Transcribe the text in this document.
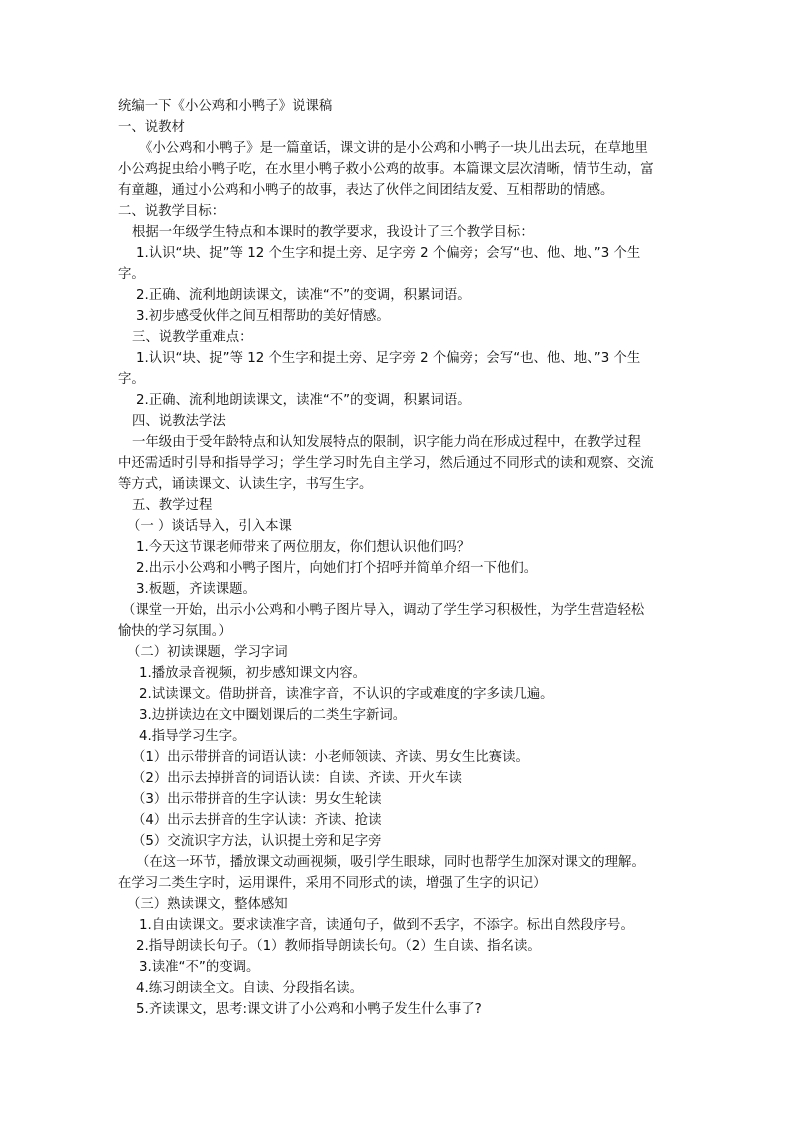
统编一下《小公鸡和小鸭子》说课稿
一、说教材
《小公鸡和小鸭子》是一篇童话，课文讲的是小公鸡和小鸭子一块儿出去玩，在草地里
小公鸡捉虫给小鸭子吃，在水里小鸭子救小公鸡的故事。本篇课文层次清晰，情节生动，富
有童趣，通过小公鸡和小鸭子的故事，表达了伙伴之间团结友爱、互相帮助的情感。
二、说教学目标：
根据一年级学生特点和本课时的教学要求，我设计了三个教学目标：
1.认识“块、捉”等 12 个生字和提土旁、足字旁 2 个偏旁；会写“也、他、地、”3 个生
字。
2.正确、流利地朗读课文，读准“不”的变调，积累词语。
3.初步感受伙伴之间互相帮助的美好情感。
三、说教学重难点：
1.认识“块、捉”等 12 个生字和提土旁、足字旁 2 个偏旁；会写“也、他、地、”3 个生
字。
2.正确、流利地朗读课文，读准“不”的变调，积累词语。
四、说教法学法
一年级由于受年龄特点和认知发展特点的限制，识字能力尚在形成过程中，在教学过程
中还需适时引导和指导学习；学生学习时先自主学习，然后通过不同形式的读和观察、交流
等方式，诵读课文、认读生字，书写生字。
五、教学过程
（一 ）谈话导入，引入本课
1.今天这节课老师带来了两位朋友，你们想认识他们吗？
2.出示小公鸡和小鸭子图片，向她们打个招呼并简单介绍一下他们。
3.板题，齐读课题。
（课堂一开始，出示小公鸡和小鸭子图片导入，调动了学生学习积极性，为学生营造轻松
愉快的学习氛围。）
（二）初读课题，学习字词
1.播放录音视频，初步感知课文内容。
2.试读课文。借助拼音，读准字音，不认识的字或难度的字多读几遍。
3.边拼读边在文中圈划课后的二类生字新词。
4.指导学习生字。
（1）出示带拼音的词语认读：小老师领读、齐读、男女生比赛读。
（2）出示去掉拼音的词语认读：自读、齐读、开火车读
（3）出示带拼音的生字认读：男女生轮读
（4）出示去拼音的生字认读：齐读、抢读
（5）交流识字方法，认识提土旁和足字旁
（在这一环节，播放课文动画视频，吸引学生眼球，同时也帮学生加深对课文的理解。
在学习二类生字时，运用课件，采用不同形式的读，增强了生字的识记）
（三）熟读课文，整体感知
1.自由读课文。要求读准字音，读通句子，做到不丢字，不添字。标出自然段序号。
2.指导朗读长句子。（1）教师指导朗读长句。（2）生自读、指名读。
3.读准“不”的变调。
4.练习朗读全文。自读、分段指名读。
5.齐读课文，思考:课文讲了小公鸡和小鸭子发生什么事了?
